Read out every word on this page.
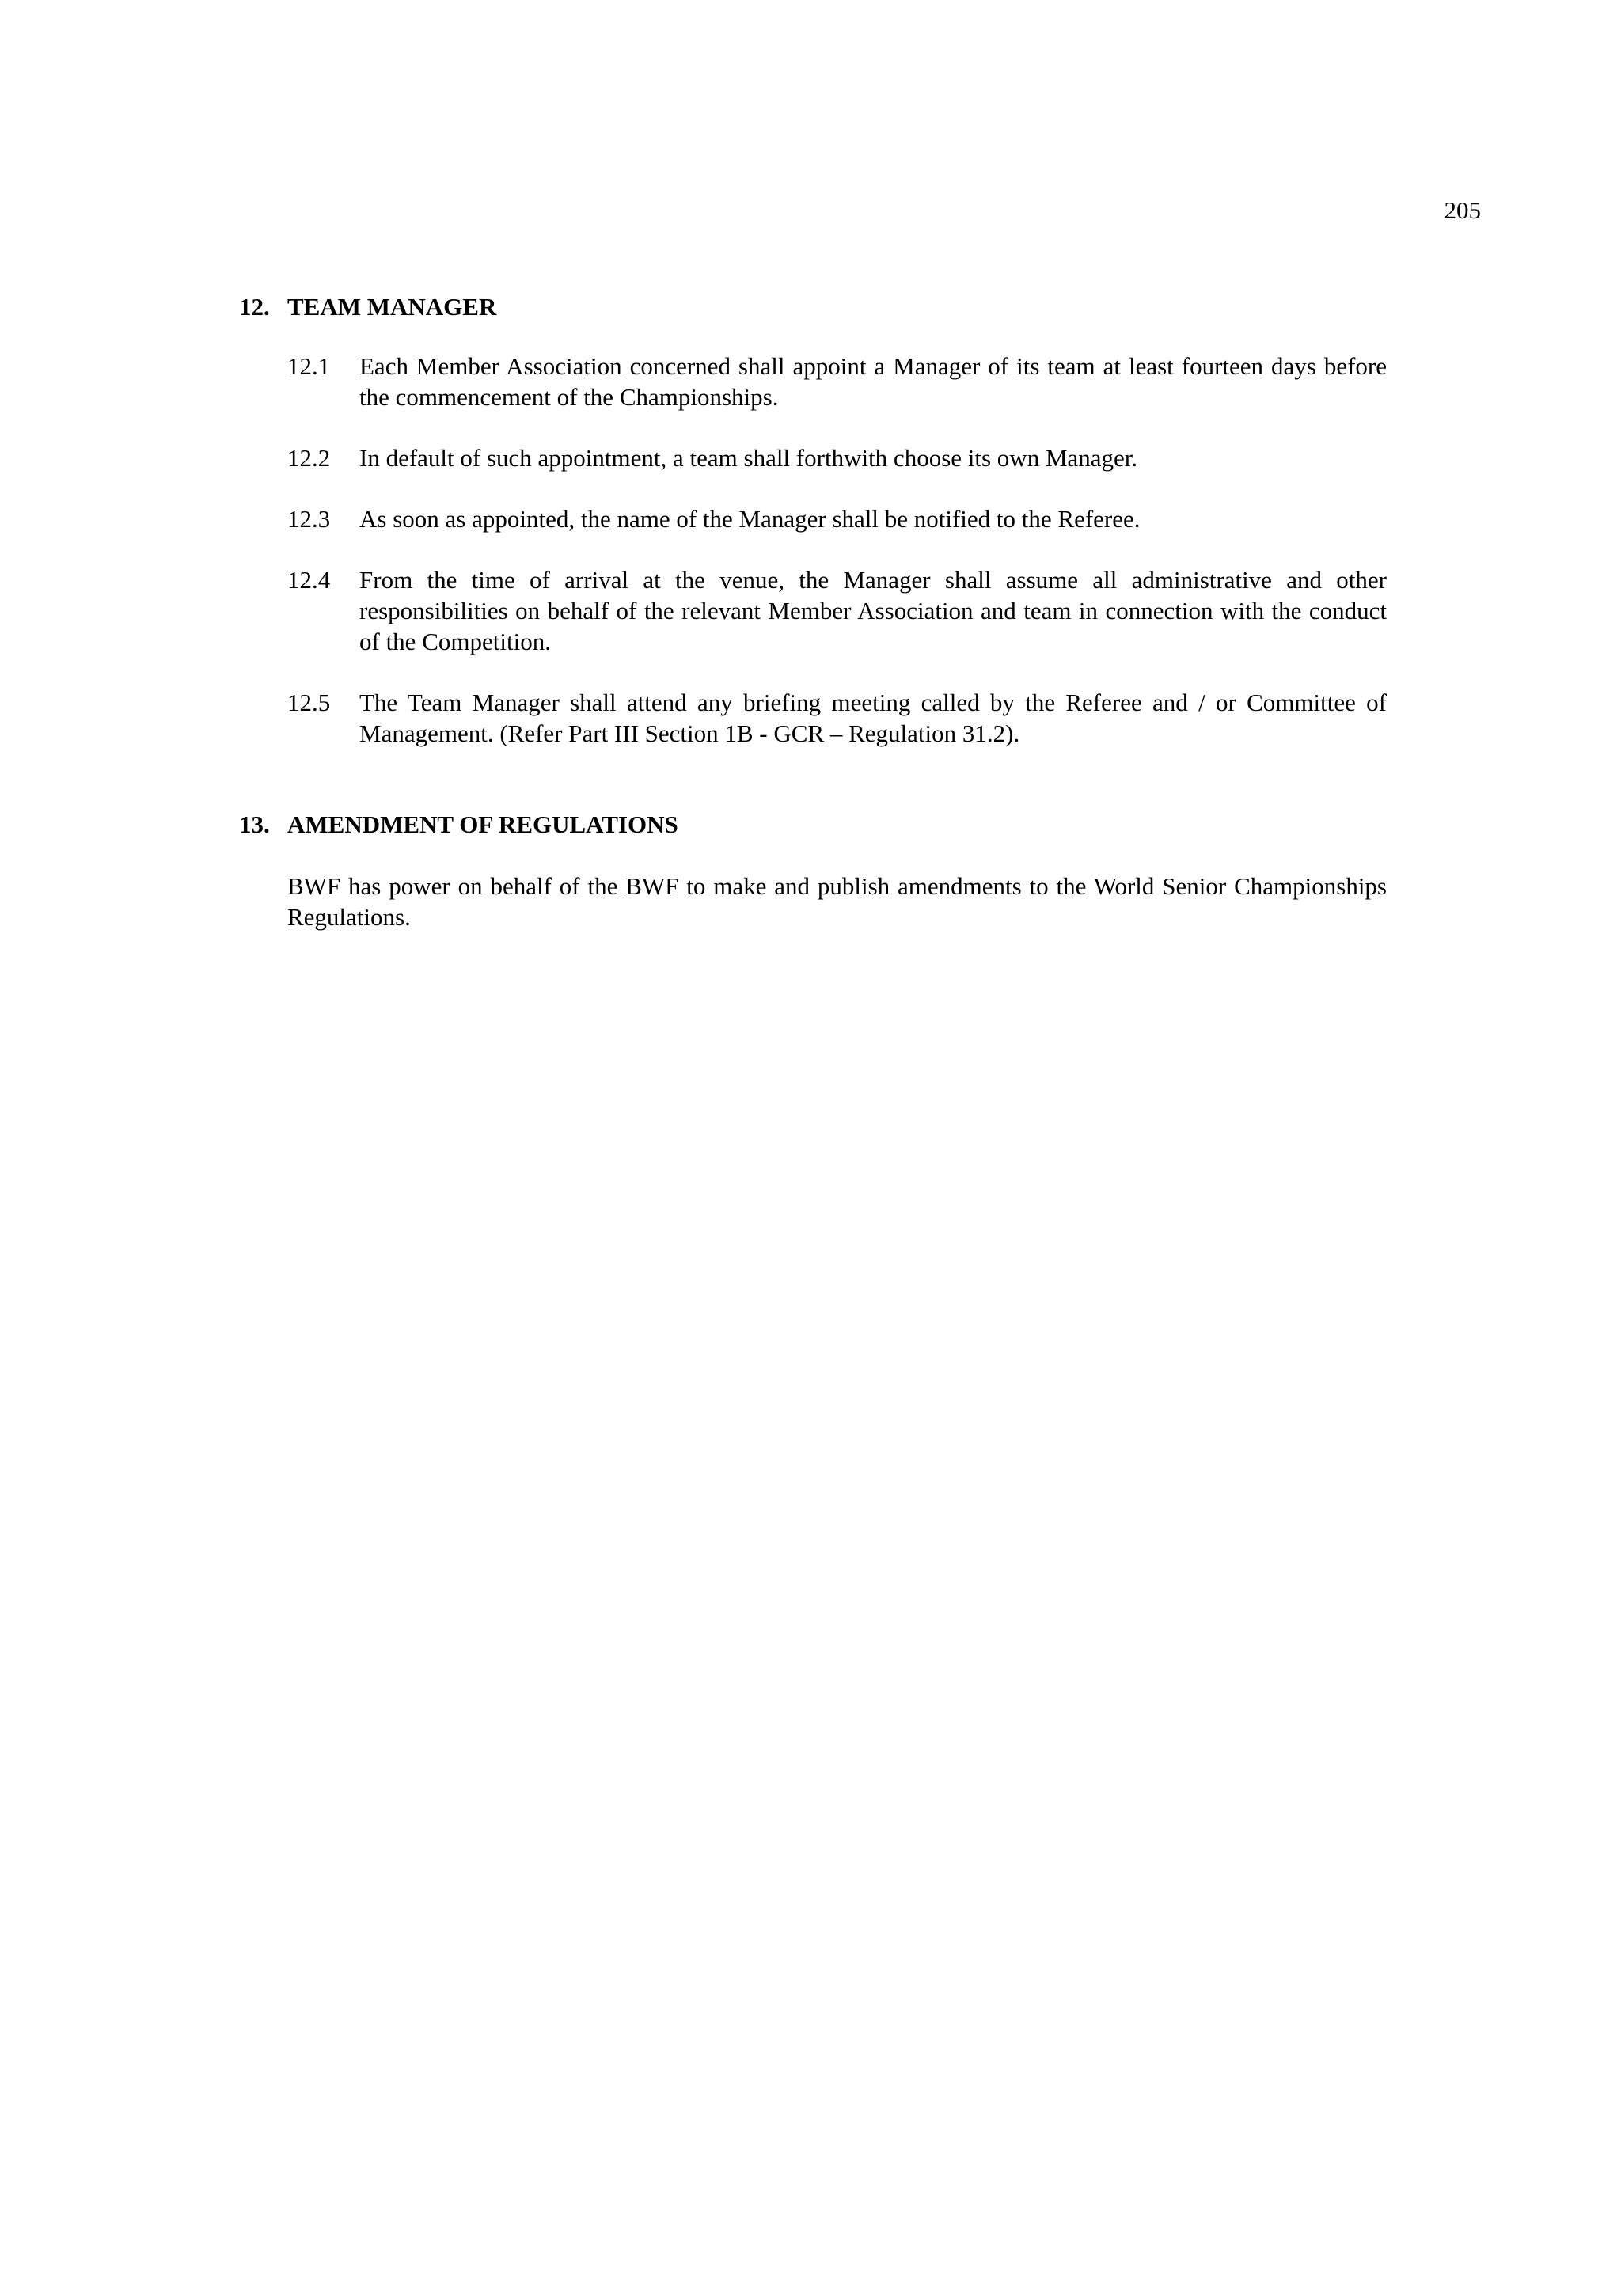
205
12. TEAM MANAGER
12.1	Each Member Association concerned shall appoint a Manager of its team at least fourteen days before the commencement of the Championships.
12.2	In default of such appointment, a team shall forthwith choose its own Manager.
12.3	As soon as appointed, the name of the Manager shall be notified to the Referee.
12.4	From the time of arrival at the venue, the Manager shall assume all administrative and other responsibilities on behalf of the relevant Member Association and team in connection with the conduct of the Competition.
12.5	The Team Manager shall attend any briefing meeting called by the Referee and / or Committee of Management. (Refer Part III Section 1B - GCR – Regulation 31.2).
13. AMENDMENT OF REGULATIONS
BWF has power on behalf of the BWF to make and publish amendments to the World Senior Championships Regulations.
